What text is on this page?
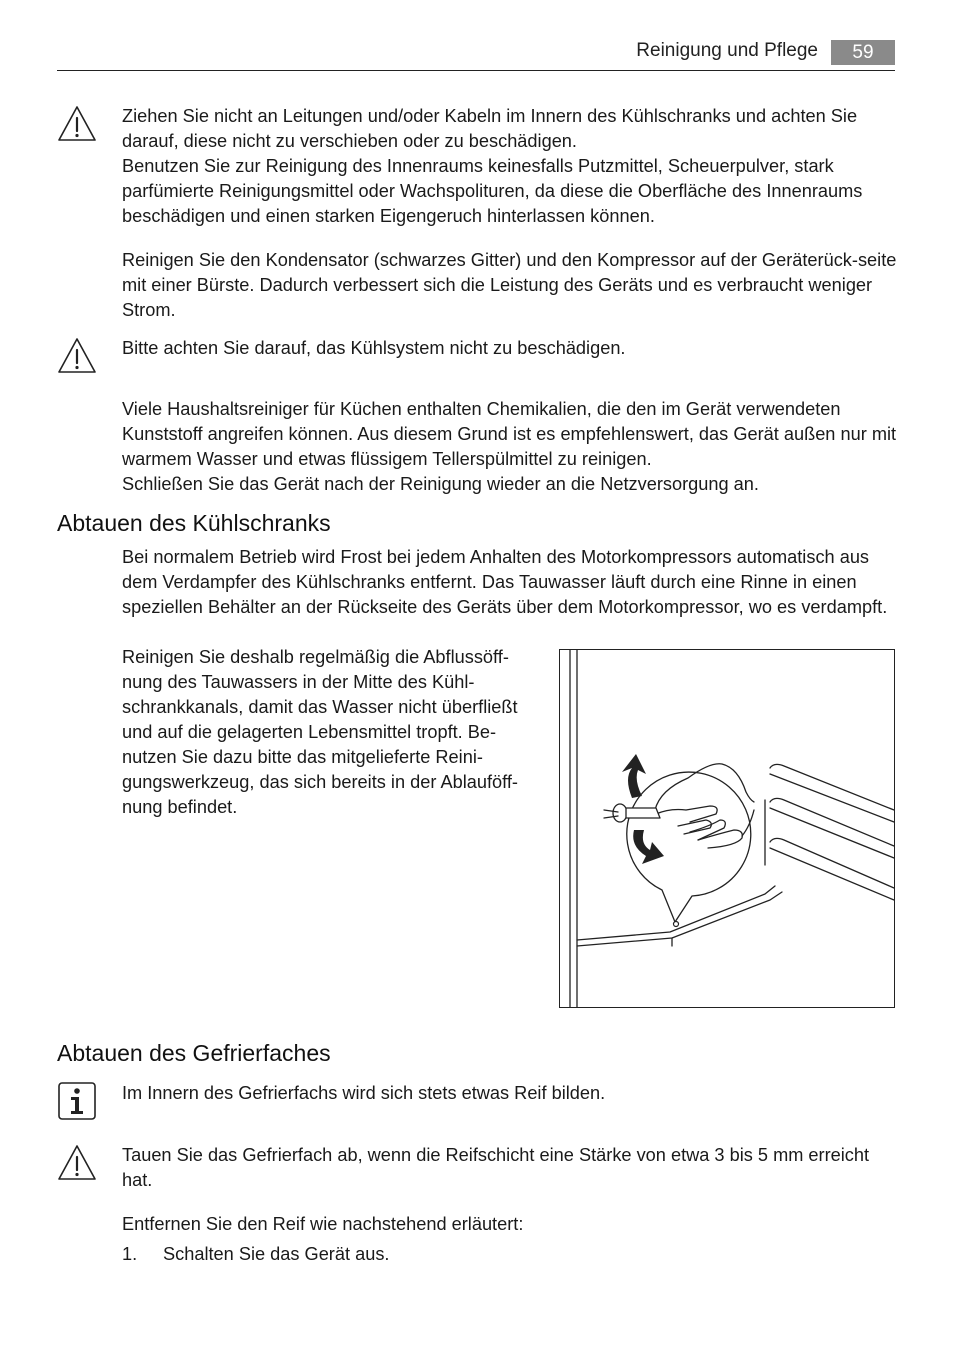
Reinigung und Pflege	59

Ziehen Sie nicht an Leitungen und/oder Kabeln im Innern des Kühlschranks und achten Sie darauf, diese nicht zu verschieben oder zu beschädigen.

Benutzen Sie zur Reinigung des Innenraums keinesfalls Putzmittel, Scheuerpulver, stark parfümierte Reinigungsmittel oder Wachspolituren, da diese die Oberfläche des Innenraums beschädigen und einen starken Eigengeruch hinterlassen können.

Reinigen Sie den Kondensator (schwarzes Gitter) und den Kompressor auf der Geräterück-seite mit einer Bürste. Dadurch verbessert sich die Leistung des Geräts und es verbraucht weniger Strom.

Bitte achten Sie darauf, das Kühlsystem nicht zu beschädigen.

Viele Haushaltsreiniger für Küchen enthalten Chemikalien, die den im Gerät verwendeten Kunststoff angreifen können. Aus diesem Grund ist es empfehlenswert, das Gerät außen nur mit warmem Wasser und etwas flüssigem Tellerspülmittel zu reinigen.

Schließen Sie das Gerät nach der Reinigung wieder an die Netzversorgung an.

Abtauen des Kühlschranks

Bei normalem Betrieb wird Frost bei jedem Anhalten des Motorkompressors automatisch aus dem Verdampfer des Kühlschranks entfernt. Das Tauwasser läuft durch eine Rinne in einen speziellen Behälter an der Rückseite des Geräts über dem Motorkompressor, wo es verdampft.

Reinigen Sie deshalb regelmäßig die Abflussöff-nung des Tauwassers in der Mitte des Kühl-schrankkanals, damit das Wasser nicht überfließt und auf die gelagerten Lebensmittel tropft. Be-nutzen Sie dazu bitte das mitgelieferte Reini-gungswerkzeug, das sich bereits in der Ablauföff-nung befindet.

Abtauen des Gefrierfaches

Im Innern des Gefrierfachs wird sich stets etwas Reif bilden.

Tauen Sie das Gefrierfach ab, wenn die Reifschicht eine Stärke von etwa 3 bis 5 mm erreicht hat.

Entfernen Sie den Reif wie nachstehend erläutert:

1.	Schalten Sie das Gerät aus.
